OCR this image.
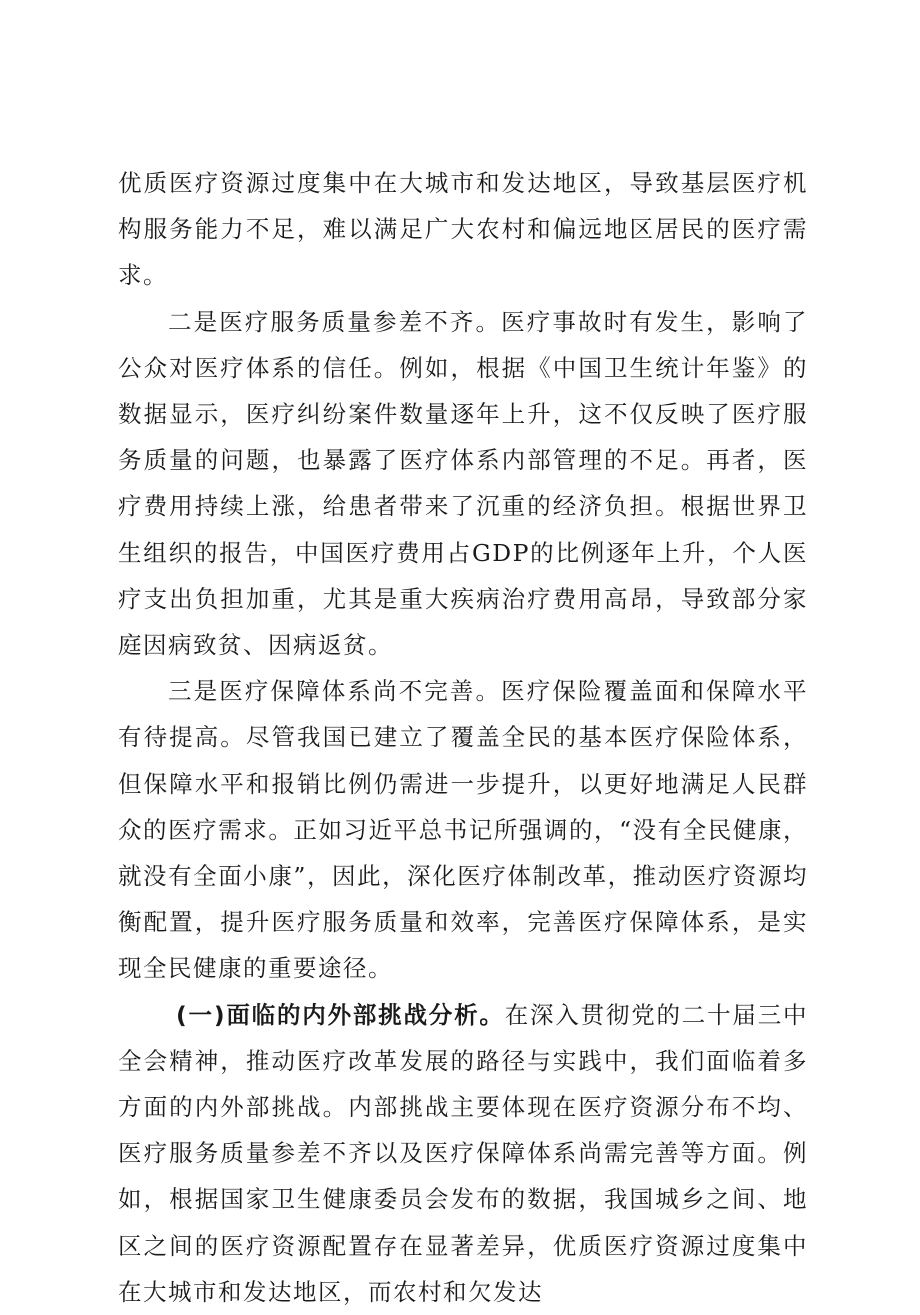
优质医疗资源过度集中在大城市和发达地区，导致基层医疗机构服务能力不足，难以满足广大农村和偏远地区居民的医疗需求。

二是医疗服务质量参差不齐。医疗事故时有发生，影响了公众对医疗体系的信任。例如，根据《中国卫生统计年鉴》的数据显示，医疗纠纷案件数量逐年上升，这不仅反映了医疗服务质量的问题，也暴露了医疗体系内部管理的不足。再者，医疗费用持续上涨，给患者带来了沉重的经济负担。根据世界卫生组织的报告，中国医疗费用占GDP的比例逐年上升，个人医疗支出负担加重，尤其是重大疾病治疗费用高昂，导致部分家庭因病致贫、因病返贫。

三是医疗保障体系尚不完善。医疗保险覆盖面和保障水平有待提高。尽管我国已建立了覆盖全民的基本医疗保险体系，但保障水平和报销比例仍需进一步提升，以更好地满足人民群众的医疗需求。正如习近平总书记所强调的，“没有全民健康，就没有全面小康”，因此，深化医疗体制改革，推动医疗资源均衡配置，提升医疗服务质量和效率，完善医疗保障体系，是实现全民健康的重要途径。

(一)面临的内外部挑战分析。在深入贯彻党的二十届三中全会精神，推动医疗改革发展的路径与实践中，我们面临着多方面的内外部挑战。内部挑战主要体现在医疗资源分布不均、医疗服务质量参差不齐以及医疗保障体系尚需完善等方面。例如，根据国家卫生健康委员会发布的数据，我国城乡之间、地区之间的医疗资源配置存在显著差异，优质医疗资源过度集中在大城市和发达地区，而农村和欠发达
